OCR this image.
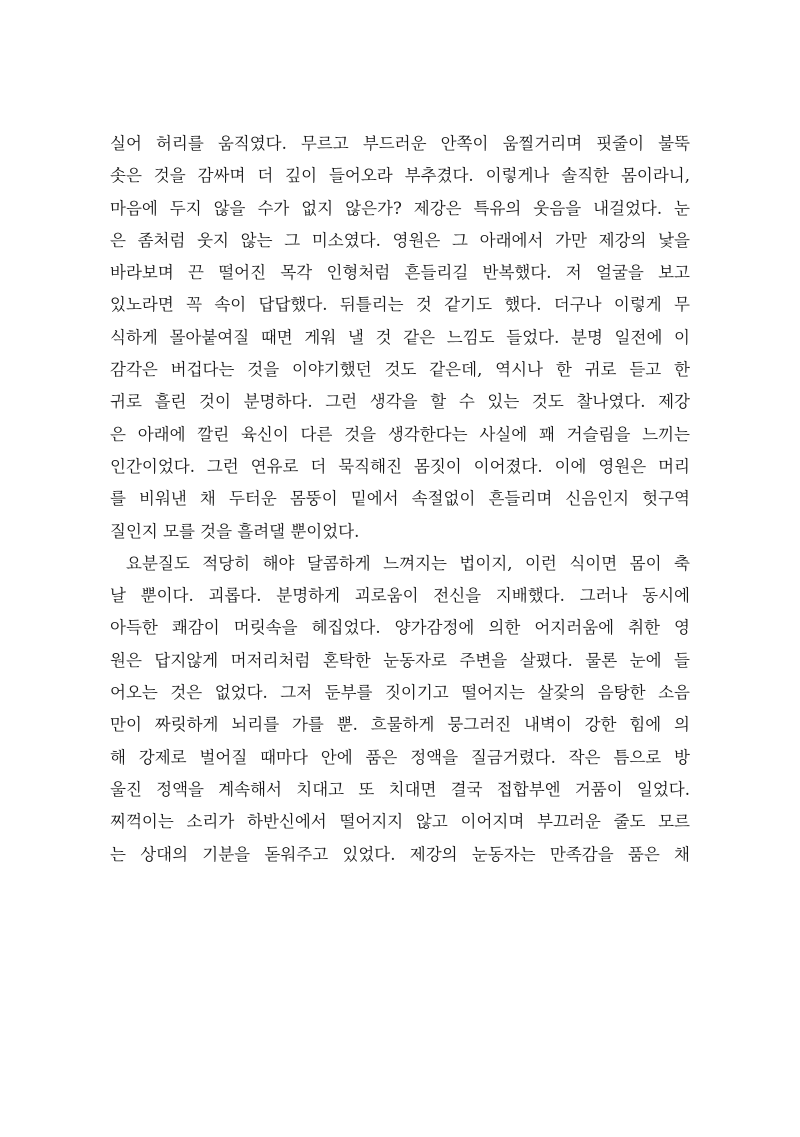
실어 허리를 움직였다. 무르고 부드러운 안쪽이 움찔거리며 핏줄이 불뚝
솟은 것을 감싸며 더 깊이 들어오라 부추겼다. 이렇게나 솔직한 몸이라니,
마음에 두지 않을 수가 없지 않은가? 제강은 특유의 웃음을 내걸었다. 눈
은 좀처럼 웃지 않는 그 미소였다. 영원은 그 아래에서 가만 제강의 낯을
바라보며 끈 떨어진 목각 인형처럼 흔들리길 반복했다. 저 얼굴을 보고
있노라면 꼭 속이 답답했다. 뒤틀리는 것 같기도 했다. 더구나 이렇게 무
식하게 몰아붙여질 때면 게워 낼 것 같은 느낌도 들었다. 분명 일전에 이
감각은 버겁다는 것을 이야기했던 것도 같은데, 역시나 한 귀로 듣고 한
귀로 흘린 것이 분명하다. 그런 생각을 할 수 있는 것도 찰나였다. 제강
은 아래에 깔린 육신이 다른 것을 생각한다는 사실에 꽤 거슬림을 느끼는
인간이었다. 그런 연유로 더 묵직해진 몸짓이 이어졌다. 이에 영원은 머리
를 비워낸 채 두터운 몸뚱이 밑에서 속절없이 흔들리며 신음인지 헛구역
질인지 모를 것을 흘려댈 뿐이었다.
요분질도 적당히 해야 달콤하게 느껴지는 법이지, 이런 식이면 몸이 축
날 뿐이다. 괴롭다. 분명하게 괴로움이 전신을 지배했다. 그러나 동시에
아득한 쾌감이 머릿속을 헤집었다. 양가감정에 의한 어지러움에 취한 영
원은 답지않게 머저리처럼 혼탁한 눈동자로 주변을 살폈다. 물론 눈에 들
어오는 것은 없었다. 그저 둔부를 짓이기고 떨어지는 살갗의 음탕한 소음
만이 짜릿하게 뇌리를 가를 뿐. 흐물하게 뭉그러진 내벽이 강한 힘에 의
해 강제로 벌어질 때마다 안에 품은 정액을 질금거렸다. 작은 틈으로 방
울진 정액을 계속해서 치대고 또 치대면 결국 접합부엔 거품이 일었다.
찌꺽이는 소리가 하반신에서 떨어지지 않고 이어지며 부끄러운 줄도 모르
는 상대의 기분을 돋워주고 있었다. 제강의 눈동자는 만족감을 품은 채
